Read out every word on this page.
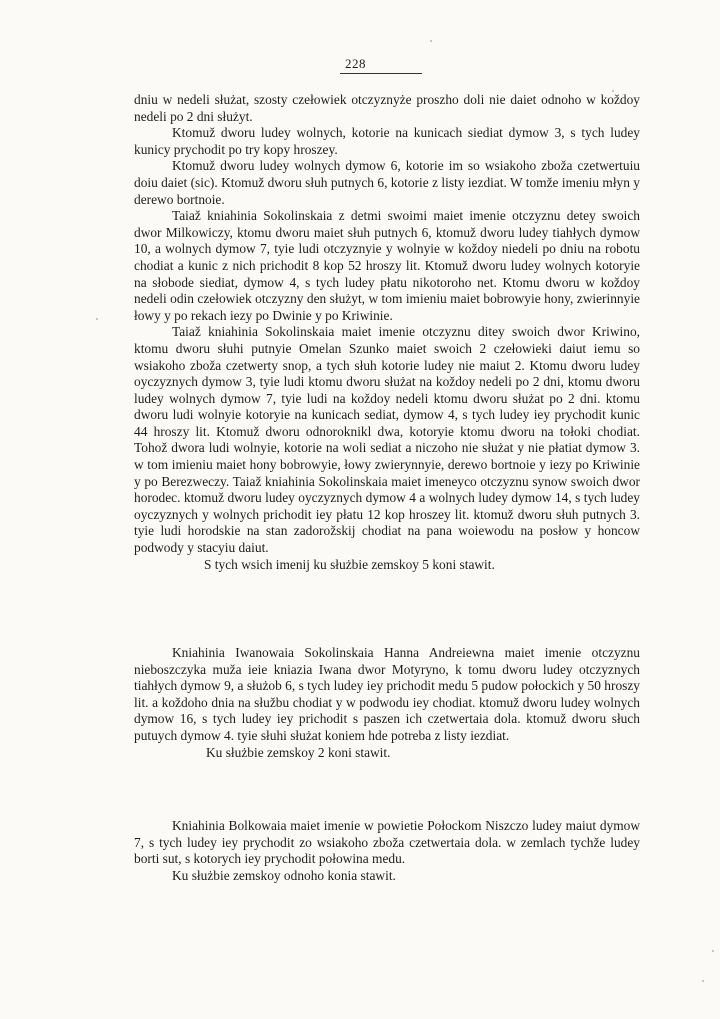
228

dniu w nedeli służat, szosty czełowiek otczyznyże proszho doli nie daiet odnoho w koždoy nedeli po 2 dni służyt.

Ktomuž dworu ludey wolnych, kotorie na kunicach siediat dymow 3, s tych ludey kunicy prychodit po try kopy hroszey.

Ktomuž dworu ludey wolnych dymow 6, kotorie im so wsiakoho zboža czetwertuiu doiu daiet (sic). Ktomuž dworu słuh putnych 6, kotorie z listy iezdiat. W tomže imeniu młyn y derewo bortnoie.

Taiaž kniahinia Sokolinskaia z detmi swoimi maiet imenie otczyznu detey swoich dwor Milkowiczy, ktomu dworu maiet słuh putnych 6, ktomuž dworu ludey tiahłych dymow 10, a wolnych dymow 7, tyie ludi otczyznyie y wolnyie w koždoy niedeli po dniu na robotu chodiat a kunic z nich prichodit 8 kop 52 hroszy lit. Ktomuž dworu ludey wolnych kotoryie na słobode siediat, dymow 4, s tych ludey płatu nikotoroho net. Ktomu dworu w koždoy nedeli odin czełowiek otczyzny den służyt, w tom imieniu maiet bobrowyie hony, zwierinnyie łowy y po rekach iezy po Dwinie y po Kriwinie.

Taiaž kniahinia Sokolinskaia maiet imenie otczyznu ditey swoich dwor Kriwino, ktomu dworu słuhi putnyie Omelan Szunko maiet swoich 2 czełowieki daiut iemu so wsiakoho zboža czetwerty snop, a tych słuh kotorie ludey nie maiut 2. Ktomu dworu ludey oyczyznych dymow 3, tyie ludi ktomu dworu służat na koždoy nedeli po 2 dni, ktomu dworu ludey wolnych dymow 7, tyie ludi na koždoy nedeli ktomu dworu służat po 2 dni. ktomu dworu ludi wolnyie kotoryie na kunicach sediat, dymow 4, s tych ludey iey prychodit kunic 44 hroszy lit. Ktomuž dworu odnoroknikl dwa, kotoryie ktomu dworu na tołoki chodiat. Tohož dwora ludi wolnyie, kotorie na woli sediat a niczoho nie służat y nie płatiat dymow 3. w tom imieniu maiet hony bobrowyie, łowy zwierynnyie, derewo bortnoie y iezy po Kriwinie y po Berezweczy. Taiaž kniahinia Sokolinskaia maiet imeneyco otczyznu synow swoich dwor horodec. ktomuž dworu ludey oyczyznych dymow 4 a wolnych ludey dymow 14, s tych ludey oyczyznych y wolnych prichodit iey płatu 12 kop hroszey lit. ktomuž dworu słuh putnych 3. tyie ludi horodskie na stan zadorožskij chodiat na pana woiewodu na posłow y honcow podwody y stacyiu daiut.

S tych wsich imenij ku służbie zemskoy 5 koni stawit.

Kniahinia Iwanowaia Sokolinskaia Hanna Andreiewna maiet imenie otczyznu nieboszczyka muža ieie kniazia Iwana dwor Motyryno, k tomu dworu ludey otczyznych tiahłych dymow 9, a służob 6, s tych ludey iey prichodit medu 5 pudow połockich y 50 hroszy lit. a koždoho dnia na słužbu chodiat y w podwodu iey chodiat. ktomuž dworu ludey wolnych dymow 16, s tych ludey iey prichodit s paszen ich czetwertaia dola. ktomuž dworu słuch putuych dymow 4. tyie słuhi służat koniem hde potreba z listy iezdiat.

Ku służbie zemskoy 2 koni stawit.

Kniahinia Bolkowaia maiet imenie w powietie Połockom Niszczo ludey maiut dymow 7, s tych ludey iey prychodit zo wsiakoho zboža czetwertaia dola. w zemlach tychže ludey borti sut, s kotorych iey prychodit połowina medu.

Ku służbie zemskoy odnoho konia stawit.
